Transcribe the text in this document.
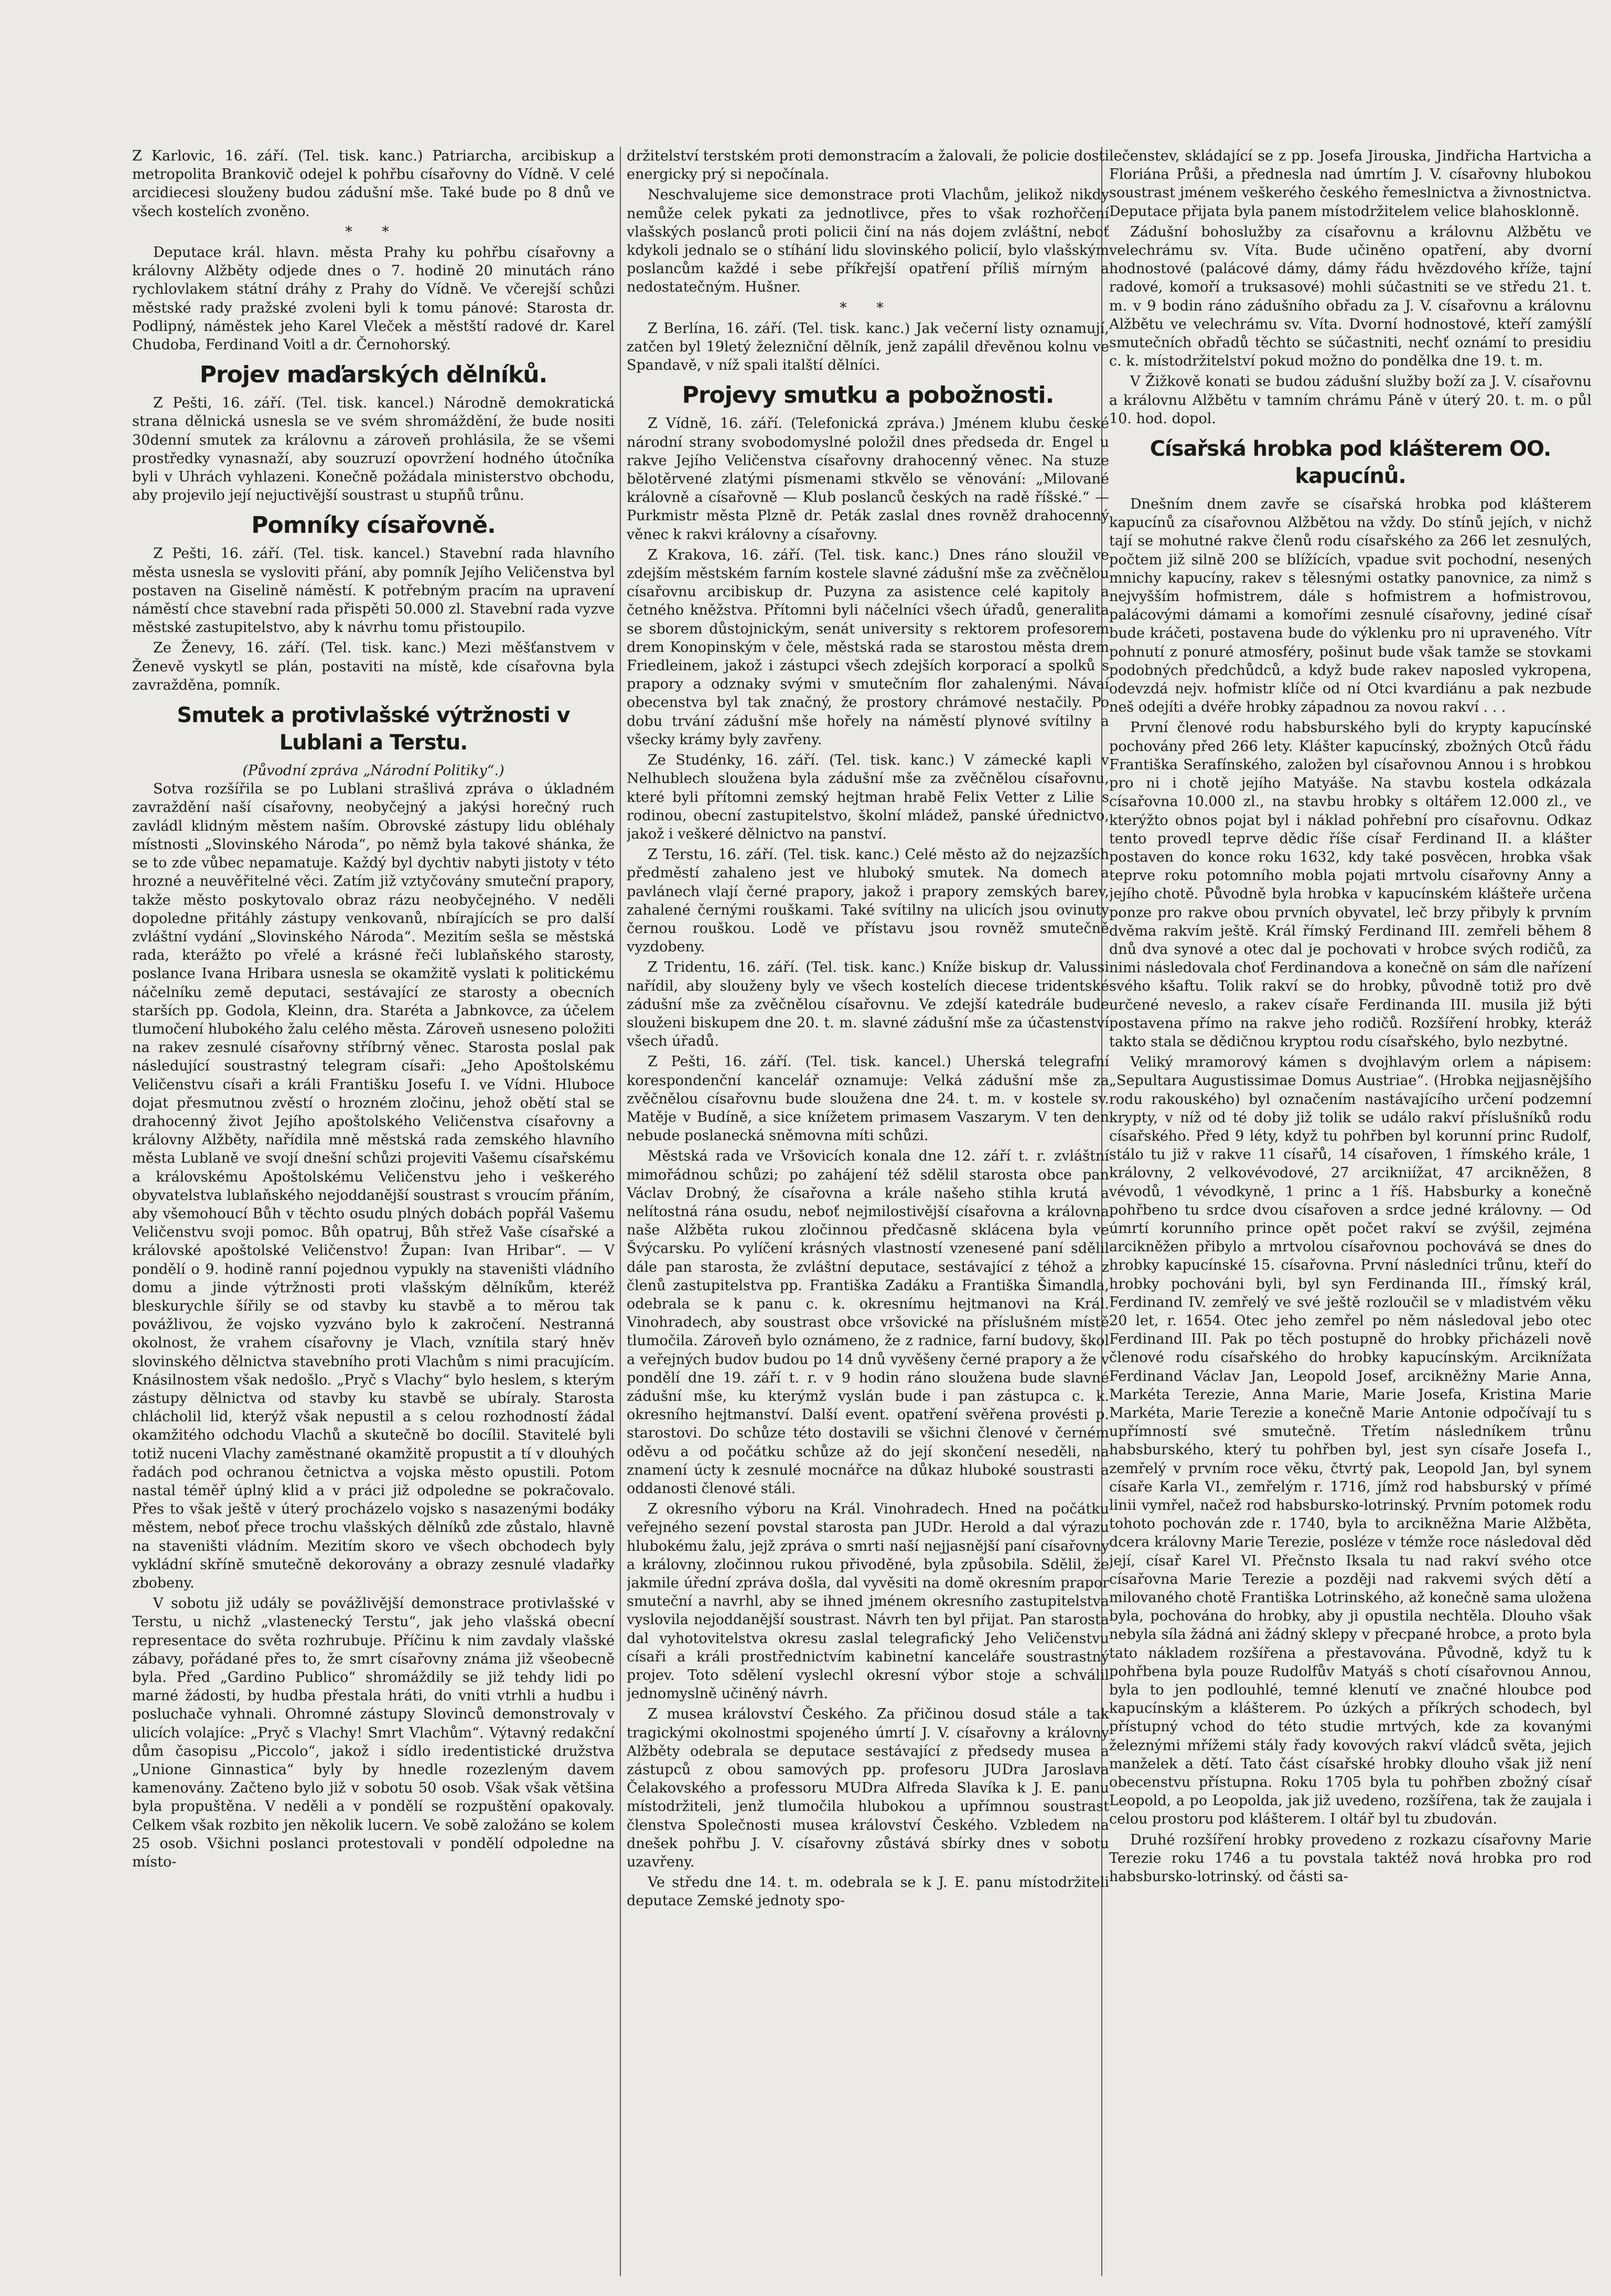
Z Karlovic, 16. září. (Tel. tisk. kanc.) Patriarcha, arcibiskup a metropolita Brankovič odejel k pohřbu císařovny do Vídně. V celé arcidiecesi slouženy budou zádušní mše. Také bude po 8 dnů ve všech kostelích zvoněno.

* *

Deputace král. hlavn. města Prahy ku pohřbu císařovny a královny Alžběty odjede dnes o 7. hodině 20 minutách ráno rychlovlakem státní dráhy z Prahy do Vídně. Ve včerejší schůzi městské rady pražské zvoleni byli k tomu pánové: Starosta dr. Podlipný, náměstek jeho Karel Vleček a městští radové dr. Karel Chudoba, Ferdinand Voitl a dr. Černohorský.

Projev maďarských dělníků.

Z Pešti, 16. září. (Tel. tisk. kancel.) Národně demokratická strana dělnická usnesla se ve svém shromáždění, že bude nositi 30denní smutek za královnu a zároveň prohlásila, že se všemi prostředky vynasnaží, aby souzruzí opovržení hodného útočníka byli v Uhrách vyhlazeni. Konečně požádala ministerstvo obchodu, aby projevilo její nejuctivější soustrast u stupňů trůnu.

Pomníky císařovně.

Z Pešti, 16. září. (Tel. tisk. kancel.) Stavební rada hlavního města usnesla se vysloviti přání, aby pomník Jejího Veličenstva byl postaven na Giselině náměstí. K potřebným pracím na upravení náměstí chce stavební rada přispěti 50.000 zl. Stavební rada vyzve městské zastupitelstvo, aby k návrhu tomu přistoupilo.

Ze Ženevy, 16. září. (Tel. tisk. kanc.) Mezi měšťanstvem v Ženevě vyskytl se plán, postaviti na místě, kde císařovna byla zavražděna, pomník.

Smutek a protivlašské výtržnosti v Lublani a Terstu.
(Původní zpráva „Národní Politiky“.)

Sotva rozšířila se po Lublani strašlivá zpráva o úkladném zavraždění naší císařovny, neobyčejný a jakýsi horečný ruch zavládl klidným městem naším. Obrovské zástupy lidu obléhaly místnosti „Slovinského Národa“, po němž byla takové shánka, že se to zde vůbec nepamatuje. Každý byl dychtiv nabyti jistoty v této hrozné a neuvěřitelné věci. Zatím již vztyčovány smuteční prapory, takže město poskytovalo obraz rázu neobyčejného. V neděli dopoledne přitáhly zástupy venkovanů, nbírajících se pro další zvláštní vydání „Slovinského Národa“. Mezitím sešla se městská rada, kterážto po vřelé a krásné řeči lublaňského starosty, poslance Ivana Hribara usnesla se okamžitě vyslati k politickému náčelníku země deputaci, sestávající ze starosty a obecních starších pp. Godola, Kleinn, dra. Staréta a Jabnkovce, za účelem tlumočení hlubokého žalu celého města. Zároveň usneseno položiti na rakev zesnulé císařovny stříbrný věnec. Starosta poslal pak následující soustrastný telegram císaři: „Jeho Apoštolskému Veličenstvu císaři a králi Františku Josefu I. ve Vídni. Hluboce dojat přesmutnou zvěstí o hrozném zločinu, jehož obětí stal se drahocenný život Jejího apoštolského Veličenstva císařovny a královny Alžběty, nařídila mně městská rada zemského hlavního města Lublaně ve svojí dnešní schůzi projeviti Vašemu císařskému a královskému Apoštolskému Veličenstvu jeho i veškerého obyvatelstva lublaňského nejoddanější soustrast s vroucím přáním, aby všemohoucí Bůh v těchto osudu plných dobách popřál Vašemu Veličenstvu svoji pomoc. Bůh opatruj, Bůh střež Vaše císařské a královské apoštolské Veličenstvo! Župan: Ivan Hribar“. — V pondělí o 9. hodině ranní pojednou vypukly na staveništi vládního domu a jinde výtržnosti proti vlašským dělníkům, kteréž bleskurychle šířily se od stavby ku stavbě a to měrou tak povážlivou, že vojsko vyzváno bylo k zakročení. Nestranná okolnost, že vrahem císařovny je Vlach, vznítila starý hněv slovinského dělnictva stavebního proti Vlachům s nimi pracujícím. Knásilnostem však nedošlo. „Pryč s Vlachy“ bylo heslem, s kterým zástupy dělnictva od stavby ku stavbě se ubíraly. Starosta chlácholil lid, kterýž však nepustil a s celou rozhodností žádal okamžitého odchodu Vlachů a skutečně bo docílil. Stavitelé byli totiž nuceni Vlachy zaměstnané okamžitě propustit a tí v dlouhých řadách pod ochranou četnictva a vojska město opustili. Potom nastal téměř úplný klid a v práci již odpoledne se pokračovalo. Přes to však ještě v úterý procházelo vojsko s nasazenými bodáky městem, neboť přece trochu vlašských dělníků zde zůstalo, hlavně na staveništi vládním. Mezitím skoro ve všech obchodech byly vykládní skříně smutečně dekorovány a obrazy zesnulé vladařky zbobeny.

V sobotu již udály se povážlivější demonstrace protivlašské v Terstu, u nichž „vlastenecký Terstu“, jak jeho vlašská obecní representace do světa rozhrubuje. Příčinu k nim zavdaly vlašské zábavy, pořádané přes to, že smrt císařovny známa již všeobecně byla. Před „Gardino Publico“ shromáždily se již tehdy lidi po marné žádosti, by hudba přestala hráti, do vniti vtrhli a hudbu i posluchače vyhnali. Ohromné zástupy Slovinců demonstrovaly v ulicích volajíce: „Pryč s Vlachy! Smrt Vlachům“. Výtavný redakční dům časopisu „Piccolo“, jakož i sídlo iredentistické družstva „Unione Ginnastica“ byly by hnedle rozezleným davem kamenovány. Začteno bylo již v sobotu 50 osob. Však však většina byla propuštěna. V neděli a v pondělí se rozpuštění opakovaly. Celkem však rozbito jen několik lucern. Ve sobě založáno se kolem 25 osob. Všichni poslanci protestovali v pondělí odpoledne na místo-

držitelství terstském proti demonstracím a žalovali, že policie dosti energicky prý si nepočínala.

Neschvalujeme sice demonstrace proti Vlachům, jelikož nikdy nemůže celek pykati za jednotlivce, přes to však rozhořčení vlašských poslanců proti policii činí na nás dojem zvláštní, neboť kdykoli jednalo se o stíhání lidu slovinského policií, bylo vlašským poslancům každé i sebe příkřejší opatření příliš mírným a nedostatečným. Hušner.

* *

Z Berlína, 16. září. (Tel. tisk. kanc.) Jak večerní listy oznamují, zatčen byl 19letý železniční dělník, jenž zapálil dřevěnou kolnu ve Spandavě, v níž spali italští dělníci.

Projevy smutku a pobožnosti.

Z Vídně, 16. září. (Telefonická zpráva.) Jménem klubu české národní strany svobodomyslné položil dnes předseda dr. Engel u rakve Jejího Veličenstva císařovny drahocenný věnec. Na stuze bělotěrvené zlatými písmenami stkvělo se věnování: „Milované královně a císařovně — Klub poslanců českých na radě říšské.“ — Purkmistr města Plzně dr. Peták zaslal dnes rovněž drahocenný věnec k rakvi královny a císařovny.

Z Krakova, 16. září. (Tel. tisk. kanc.) Dnes ráno sloužil ve zdejším městském farním kostele slavné zádušní mše za zvěčnělou císařovnu arcibiskup dr. Puzyna za asistence celé kapitoly a četného kněžstva. Přítomni byli náčelníci všech úřadů, generalita se sborem důstojnickým, senát university s rektorem profesorem drem Konopinským v čele, městská rada se starostou města drem Friedleinem, jakož i zástupci všech zdejších korporací a spolků s prapory a odznaky svými v smutečním flor zahalenými. Návaí obecenstva byl tak značný, že prostory chrámové nestačily. Po dobu trvání zádušní mše hořely na náměstí plynové svítilny a všecky krámy byly zavřeny.

Ze Studénky, 16. září. (Tel. tisk. kanc.) V zámecké kapli v Nelhublech sloužena byla zádušní mše za zvěčnělou císařovnu, které byli přítomni zemský hejtman hrabě Felix Vetter z Lilie s rodinou, obecní zastupitelstvo, školní mládež, panské úřednictvo, jakož i veškeré dělnictvo na panství.

Z Terstu, 16. září. (Tel. tisk. kanc.) Celé město až do nejzazších předměstí zahaleno jest ve hluboký smutek. Na domech a pavlánech vlají černé prapory, jakož i prapory zemských barev, zahalené černými rouškami. Také svítilny na ulicích jsou ovinuty černou rouškou. Lodě ve přístavu jsou rovněž smutečně vyzdobeny.

Z Tridentu, 16. září. (Tel. tisk. kanc.) Kníže biskup dr. Valussi nařídil, aby slouženy byly ve všech kostelích diecese tridentské zádušní mše za zvěčnělou císařovnu. Ve zdejší katedrále bude slouženi biskupem dne 20. t. m. slavné zádušní mše za účastenství všech úřadů.

Z Pešti, 16. září. (Tel. tisk. kancel.) Uherská telegrafní korespondenční kancelář oznamuje: Velká zádušní mše za zvěčnělou císařovnu bude sloužena dne 24. t. m. v kostele sv. Matěje v Budíně, a sice knížetem primasem Vaszarym. V ten den nebude poslanecká sněmovna míti schůzi.

Městská rada ve Vršovicích konala dne 12. září t. r. zvláštní mimořádnou schůzi; po zahájení též sdělil starosta obce pan Václav Drobný, že císařovna a krále našeho stihla krutá a nelítostná rána osudu, neboť nejmilostivější císařovna a královna naše Alžběta rukou zločinnou předčasně sklácena byla ve Švýcarsku. Po vylíčení krásných vlastností vzenesené paní sdělil dále pan starosta, že zvláštní deputace, sestávající z téhož a z členů zastupitelstva pp. Františka Zadáku a Františka Šimandla, odebrala se k panu c. k. okresnímu hejtmanovi na Král. Vinohradech, aby soustrast obce vršovické na příslušném místě tlumočila. Zároveň bylo oznámeno, že z radnice, farní budovy, škol a veřejných budov budou po 14 dnů vyvěšeny černé prapory a že v pondělí dne 19. září t. r. v 9 hodin ráno sloužena bude slavné zádušní mše, ku kterýmž vyslán bude i pan zástupca c. k. okresního hejtmanství. Další event. opatření svěřena provésti p. starostovi. Do schůze této dostavili se všichni členové v černém oděvu a od počátku schůze až do její skončení neseděli, na znamení úcty k zesnulé mocnářce na důkaz hluboké soustrasti a oddanosti členové stáli.

Z okresního výboru na Král. Vinohradech. Hned na počátku veřejného sezení povstal starosta pan JUDr. Herold a dal výrazu hlubokému žalu, jejž zpráva o smrti naší nejjasnější paní císařovny a královny, zločinnou rukou přivoděné, byla způsobila. Sdělil, že jakmile úřední zpráva došla, dal vyvěsiti na domě okresním prapor smuteční a navrhl, aby se ihned jménem okresního zastupitelstva vyslovila nejoddanější soustrast. Návrh ten byl přijat. Pan starosta dal vyhotovitelstva okresu zaslal telegrafický Jeho Veličenstvu císaři a králi prostřednictvím kabinetní kanceláře soustrastný projev. Toto sdělení vyslechl okresní výbor stoje a schválil jednomyslně učiněný návrh.

Z musea království Českého. Za přičinou dosud stále a tak tragickými okolnostmi spojeného úmrtí J. V. císařovny a královny Alžběty odebrala se deputace sestávající z předsedy musea a zástupců z obou samových pp. profesoru JUDra Jaroslava Čelakovského a professoru MUDra Alfreda Slavíka k J. E. panu místodržiteli, jenž tlumočila hlubokou a upřímnou soustrast členstva Společnosti musea království Českého. Vzbledem na dnešek pohřbu J. V. císařovny zůstává sbírky dnes v sobotu uzavřeny.

Ve středu dne 14. t. m. odebrala se k J. E. panu místodržiteli deputace Zemské jednoty spo-

lečenstev, skládající se z pp. Josefa Jirouska, Jindřicha Hartvicha a Floriána Průši, a přednesla nad úmrtím J. V. císařovny hlubokou soustrast jménem veškerého českého řemeslnictva a živnostnictva. Deputace přijata byla panem místodržitelem velice blahosklonně.

Zádušní bohoslužby za císařovnu a královnu Alžbětu ve velechrámu sv. Víta. Bude učiněno opatření, aby dvorní hodnostové (palácové dámy, dámy řádu hvězdového kříže, tajní radové, komoří a truksasové) mohli súčastniti se ve středu 21. t. m. v 9 bodin ráno zádušního obřadu za J. V. císařovnu a královnu Alžbětu ve velechrámu sv. Víta. Dvorní hodnostové, kteří zamýšlí smutečních obřadů těchto se súčastniti, nechť oznámí to presidiu c. k. místodržitelství pokud možno do pondělka dne 19. t. m.

V Žižkově konati se budou zádušní služby boží za J. V. císařovnu a královnu Alžbětu v tamním chrámu Páně v úterý 20. t. m. o půl 10. hod. dopol.

Císařská hrobka pod klášterem OO. kapucínů.

Dnešním dnem zavře se císařská hrobka pod klášterem kapucínů za císařovnou Alžbětou na vždy. Do stínů jejích, v nichž tají se mohutné rakve členů rodu císařského za 266 let zesnulých, počtem již silně 200 se blížících, vpadue svit pochodní, nesených mnichy kapucíny, rakev s tělesnými ostatky panovnice, za nimž s nejvyšším hofmistrem, dále s hofmistrem a hofmistrovou, palácovými dámami a komořími zesnulé císařovny, jediné císař bude kráčeti, postavena bude do výklenku pro ni upraveného. Vítr pohnutí z ponuré atmosféry, pošinut bude však tamže se stovkami podobných předchůdců, a když bude rakev naposled vykropena, odevzdá nejv. hofmistr klíče od ní Otci kvardiánu a pak nezbude neš odejíti a dvéře hrobky západnou za novou rakví . . .

První členové rodu habsburského byli do krypty kapucínské pochovány před 266 lety. Klášter kapucínský, zbožných Otců řádu Františka Serafínského, založen byl císařovnou Annou i s hrobkou pro ni i chotě jejího Matyáše. Na stavbu kostela odkázala císařovna 10.000 zl., na stavbu hrobky s oltářem 12.000 zl., ve kterýžto obnos pojat byl i náklad pohřební pro císařovnu. Odkaz tento provedl teprve dědic říše císař Ferdinand II. a klášter postaven do konce roku 1632, kdy také posvěcen, hrobka však teprve roku potomního mobla pojati mrtvolu císařovny Anny a jejího chotě. Původně byla hrobka v kapucínském klášteře určena ponze pro rakve obou prvních obyvatel, leč brzy přibyly k prvním dvěma rakvím ještě. Král římský Ferdinand III. zemřeli během 8 dnů dva synové a otec dal je pochovati v hrobce svých rodičů, za nimi následovala choť Ferdinandova a konečně on sám dle nařízení svého kšaftu. Tolik rakví se do hrobky, původně totiž pro dvě určené neveslo, a rakev císaře Ferdinanda III. musila již býti postavena přímo na rakve jeho rodičů. Rozšíření hrobky, kteráž takto stala se dědičnou kryptou rodu císařského, bylo nezbytné.

Veliký mramorový kámen s dvojhlavým orlem a nápisem: „Sepultara Augustissimae Domus Austriae“. (Hrobka nejjasnějšího rodu rakouského) byl označením nastávajícího určení podzemní krypty, v níž od té doby již tolik se událo rakví příslušníků rodu císařského. Před 9 léty, když tu pohřben byl korunní princ Rudolf, stálo tu již v rakve 11 císařů, 14 císařoven, 1 římského krále, 1 královny, 2 velkovévodové, 27 arcikniížat, 47 arcikněžen, 8 vévodů, 1 vévodkyně, 1 princ a 1 říš. Habsburky a konečně pohřbeno tu srdce dvou císařoven a srdce jedné královny. — Od úmrtí korunního prince opět počet rakví se zvýšil, zejména arcikněžen přibylo a mrtvolou císařovnou pochovává se dnes do hrobky kapucínské 15. císařovna. První následníci trůnu, kteří do hrobky pochováni byli, byl syn Ferdinanda III., římský král, Ferdinand IV. zemřelý ve své ještě rozloučil se v mladistvém věku 20 let, r. 1654. Otec jeho zemřel po něm následoval jebo otec Ferdinand III. Pak po těch postupně do hrobky přicházeli nově členové rodu císařského do hrobky kapucínským. Arciknížata Ferdinand Václav Jan, Leopold Josef, arcikněžny Marie Anna, Markéta Terezie, Anna Marie, Marie Josefa, Kristina Marie Markéta, Marie Terezie a konečně Marie Antonie odpočívají tu s upřímností své smutečně. Třetím následníkem trůnu habsburského, který tu pohřben byl, jest syn císaře Josefa I., zemřelý v prvním roce věku, čtvrtý pak, Leopold Jan, byl synem císaře Karla VI., zemřelým r. 1716, jímž rod habsburský v přímé linii vymřel, načež rod habsbursko-lotrinský. Prvním potomek rodu tohoto pochován zde r. 1740, byla to arcikněžna Marie Alžběta, dcera královny Marie Terezie, posléze v témže roce následoval děd její, císař Karel VI. Přečnsto Iksala tu nad rakví svého otce císařovna Marie Terezie a později nad rakvemi svých dětí a milovaného chotě Františka Lotrinského, až konečně sama uložena byla, pochována do hrobky, aby ji opustila nechtěla. Dlouho však nebyla síla žádná ani žádný sklepy v přecpané hrobce, a proto byla tato nákladem rozšířena a přestavována. Původně, když tu k pohřbena byla pouze Rudolfův Matyáš s chotí císařovnou Annou, byla to jen podlouhlé, temné klenutí ve značné hloubce pod kapucínským a klášterem. Po úzkých a příkrých schodech, byl přístupný vchod do této studie mrtvých, kde za kovanými železnými mřížemi stály řady kovových rakví vládců světa, jejich manželek a dětí. Tato část císařské hrobky dlouho však již není obecenstvu přístupna. Roku 1705 byla tu pohřben zbožný císař Leopold, a po Leopolda, jak již uvedeno, rozšířena, tak že zaujala i celou prostoru pod klášterem. I oltář byl tu zbudován.

Druhé rozšíření hrobky provedeno z rozkazu císařovny Marie Terezie roku 1746 a tu povstala taktéž nová hrobka pro rod habsbursko-lotrinský. od části sa-
